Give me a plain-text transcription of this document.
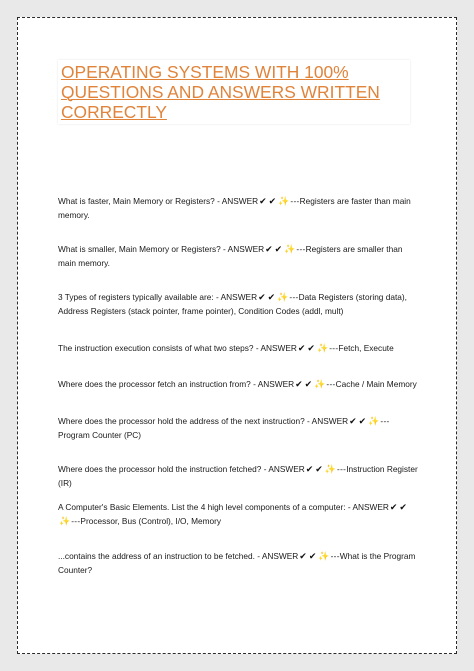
OPERATING SYSTEMS WITH 100%
QUESTIONS AND ANSWERS WRITTEN
CORRECTLY

What is faster, Main Memory or Registers? - ANSWER✔ ✔ ✨---Registers are faster than main memory.

What is smaller, Main Memory or Registers? - ANSWER✔ ✔ ✨---Registers are smaller than main memory.

3 Types of registers typically available are: - ANSWER✔ ✔ ✨---Data Registers (storing data), Address Registers (stack pointer, frame pointer), Condition Codes (addl, mult)

The instruction execution consists of what two steps? - ANSWER✔ ✔ ✨---Fetch, Execute

Where does the processor fetch an instruction from? - ANSWER✔ ✔ ✨---Cache / Main Memory

Where does the processor hold the address of the next instruction? - ANSWER✔ ✔ ✨---Program Counter (PC)

Where does the processor hold the instruction fetched? - ANSWER✔ ✔ ✨---Instruction Register (IR)

A Computer's Basic Elements. List the 4 high level components of a computer: - ANSWER✔ ✔✨---Processor, Bus (Control), I/O, Memory

...contains the address of an instruction to be fetched. - ANSWER✔ ✔ ✨---What is the Program Counter?
